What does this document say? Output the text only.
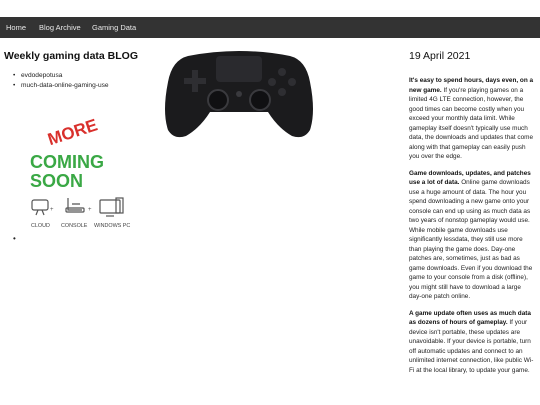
Home Blog Archive Gaming Data
Weekly gaming data BLOG
• evdodepotusa
• much-data-online-gaming-use
MORE
COMING
SOON
+	+
CLOUD CONSOLE WINDOWS PC
•
19 April 2021

It's easy to spend hours, days even, on a new game. If you're playing games on a limited 4G LTE connection, however, the good times can become costly when you exceed your monthly data limit. While gameplay itself doesn't typically use much data, the downloads and updates that come along with that gameplay can easily push you over the edge.

Game downloads, updates, and patches use a lot of data. Online game downloads use a huge amount of data. The hour you spend downloading a new game onto your console can end up using as much data as two years of nonstop gameplay would use. While mobile game downloads use significantly lessdata, they still use more than playing the game does. Day-one patches are, sometimes, just as bad as game downloads. Even if you download the game to your console from a disk (offline), you might still have to download a large day-one patch online.

A game update often uses as much data as dozens of hours of gameplay. If your device isn't portable, these updates are unavoidable. If your device is portable, turn off automatic updates and connect to an unlimited internet connection, like public Wi-Fi at the local library, to update your game.
